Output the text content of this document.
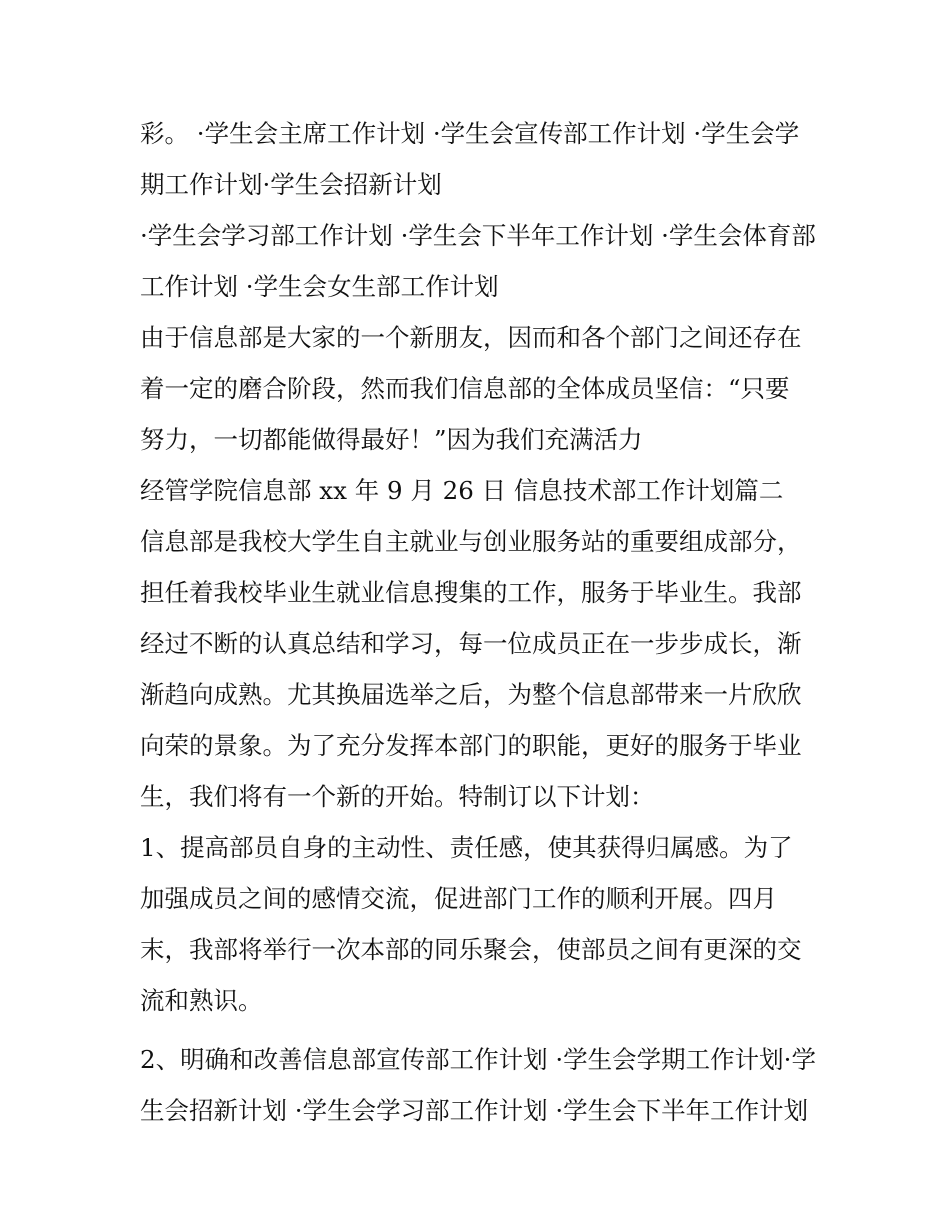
彩。 ·学生会主席工作计划 ·学生会宣传部工作计划 ·学生会学
期工作计划·学生会招新计划
·学生会学习部工作计划 ·学生会下半年工作计划 ·学生会体育部
工作计划 ·学生会女生部工作计划
由于信息部是大家的一个新朋友，因而和各个部门之间还存在
着一定的磨合阶段，然而我们信息部的全体成员坚信：“只要
努力，一切都能做得最好！”因为我们充满活力
经管学院信息部 xx 年 9 月 26 日 信息技术部工作计划篇二
信息部是我校大学生自主就业与创业服务站的重要组成部分，
担任着我校毕业生就业信息搜集的工作，服务于毕业生。我部
经过不断的认真总结和学习，每一位成员正在一步步成长，渐
渐趋向成熟。尤其换届选举之后，为整个信息部带来一片欣欣
向荣的景象。为了充分发挥本部门的职能，更好的服务于毕业
生，我们将有一个新的开始。特制订以下计划：
1、提高部员自身的主动性、责任感，使其获得归属感。为了
加强成员之间的感情交流，促进部门工作的顺利开展。四月
末，我部将举行一次本部的同乐聚会，使部员之间有更深的交
流和熟识。
2、明确和改善信息部宣传部工作计划 ·学生会学期工作计划·学
生会招新计划 ·学生会学习部工作计划 ·学生会下半年工作计划
